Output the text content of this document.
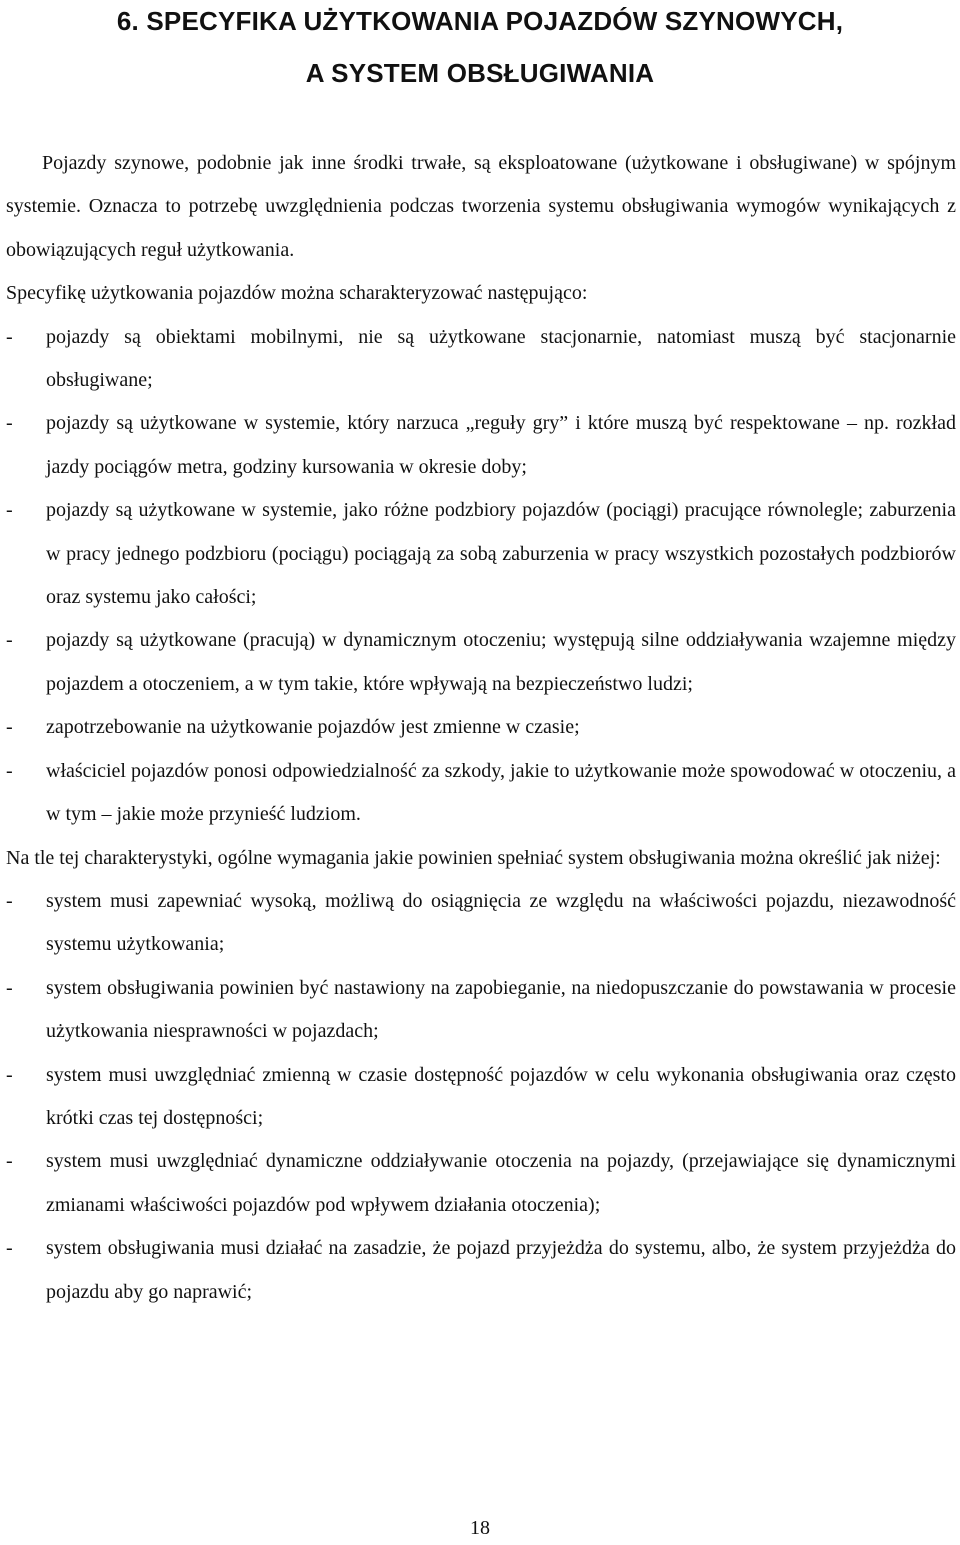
6. SPECYFIKA UŻYTKOWANIA POJAZDÓW SZYNOWYCH,
A SYSTEM OBSŁUGIWANIA

Pojazdy szynowe, podobnie jak inne środki trwałe, są eksploatowane (użytkowane i obsługiwane) w spójnym systemie. Oznacza to potrzebę uwzględnienia podczas tworzenia systemu obsługiwania wymogów wynikających z obowiązujących reguł użytkowania.

Specyfikę użytkowania pojazdów można scharakteryzować następująco:

- pojazdy są obiektami mobilnymi, nie są użytkowane stacjonarnie, natomiast muszą być stacjonarnie obsługiwane;
- pojazdy są użytkowane w systemie, który narzuca „reguły gry” i które muszą być respektowane – np. rozkład jazdy pociągów metra, godziny kursowania w okresie doby;
- pojazdy są użytkowane w systemie, jako różne podzbiory pojazdów (pociągi) pracujące równolegle; zaburzenia w pracy jednego podzbioru (pociągu) pociągają za sobą zaburzenia w pracy wszystkich pozostałych podzbiorów oraz systemu jako całości;
- pojazdy są użytkowane (pracują) w dynamicznym otoczeniu; występują silne oddziaływania wzajemne między pojazdem a otoczeniem, a w tym takie, które wpływają na bezpieczeństwo ludzi;
- zapotrzebowanie na użytkowanie pojazdów jest zmienne w czasie;
- właściciel pojazdów ponosi odpowiedzialność za szkody, jakie to użytkowanie może spowodować w otoczeniu, a w tym – jakie może przynieść ludziom.

Na tle tej charakterystyki, ogólne wymagania jakie powinien spełniać system obsługiwania można określić jak niżej:

- system musi zapewniać wysoką, możliwą do osiągnięcia ze względu na właściwości pojazdu, niezawodność systemu użytkowania;
- system obsługiwania powinien być nastawiony na zapobieganie, na niedopuszczanie do powstawania w procesie użytkowania niesprawności w pojazdach;
- system musi uwzględniać zmienną w czasie dostępność pojazdów w celu wykonania obsługiwania oraz często krótki czas tej dostępności;
- system musi uwzględniać dynamiczne oddziaływanie otoczenia na pojazdy, (przejawiające się dynamicznymi zmianami właściwości pojazdów pod wpływem działania otoczenia);
- system obsługiwania musi działać na zasadzie, że pojazd przyjeżdża do systemu, albo, że system przyjeżdża do pojazdu aby go naprawić;
18
